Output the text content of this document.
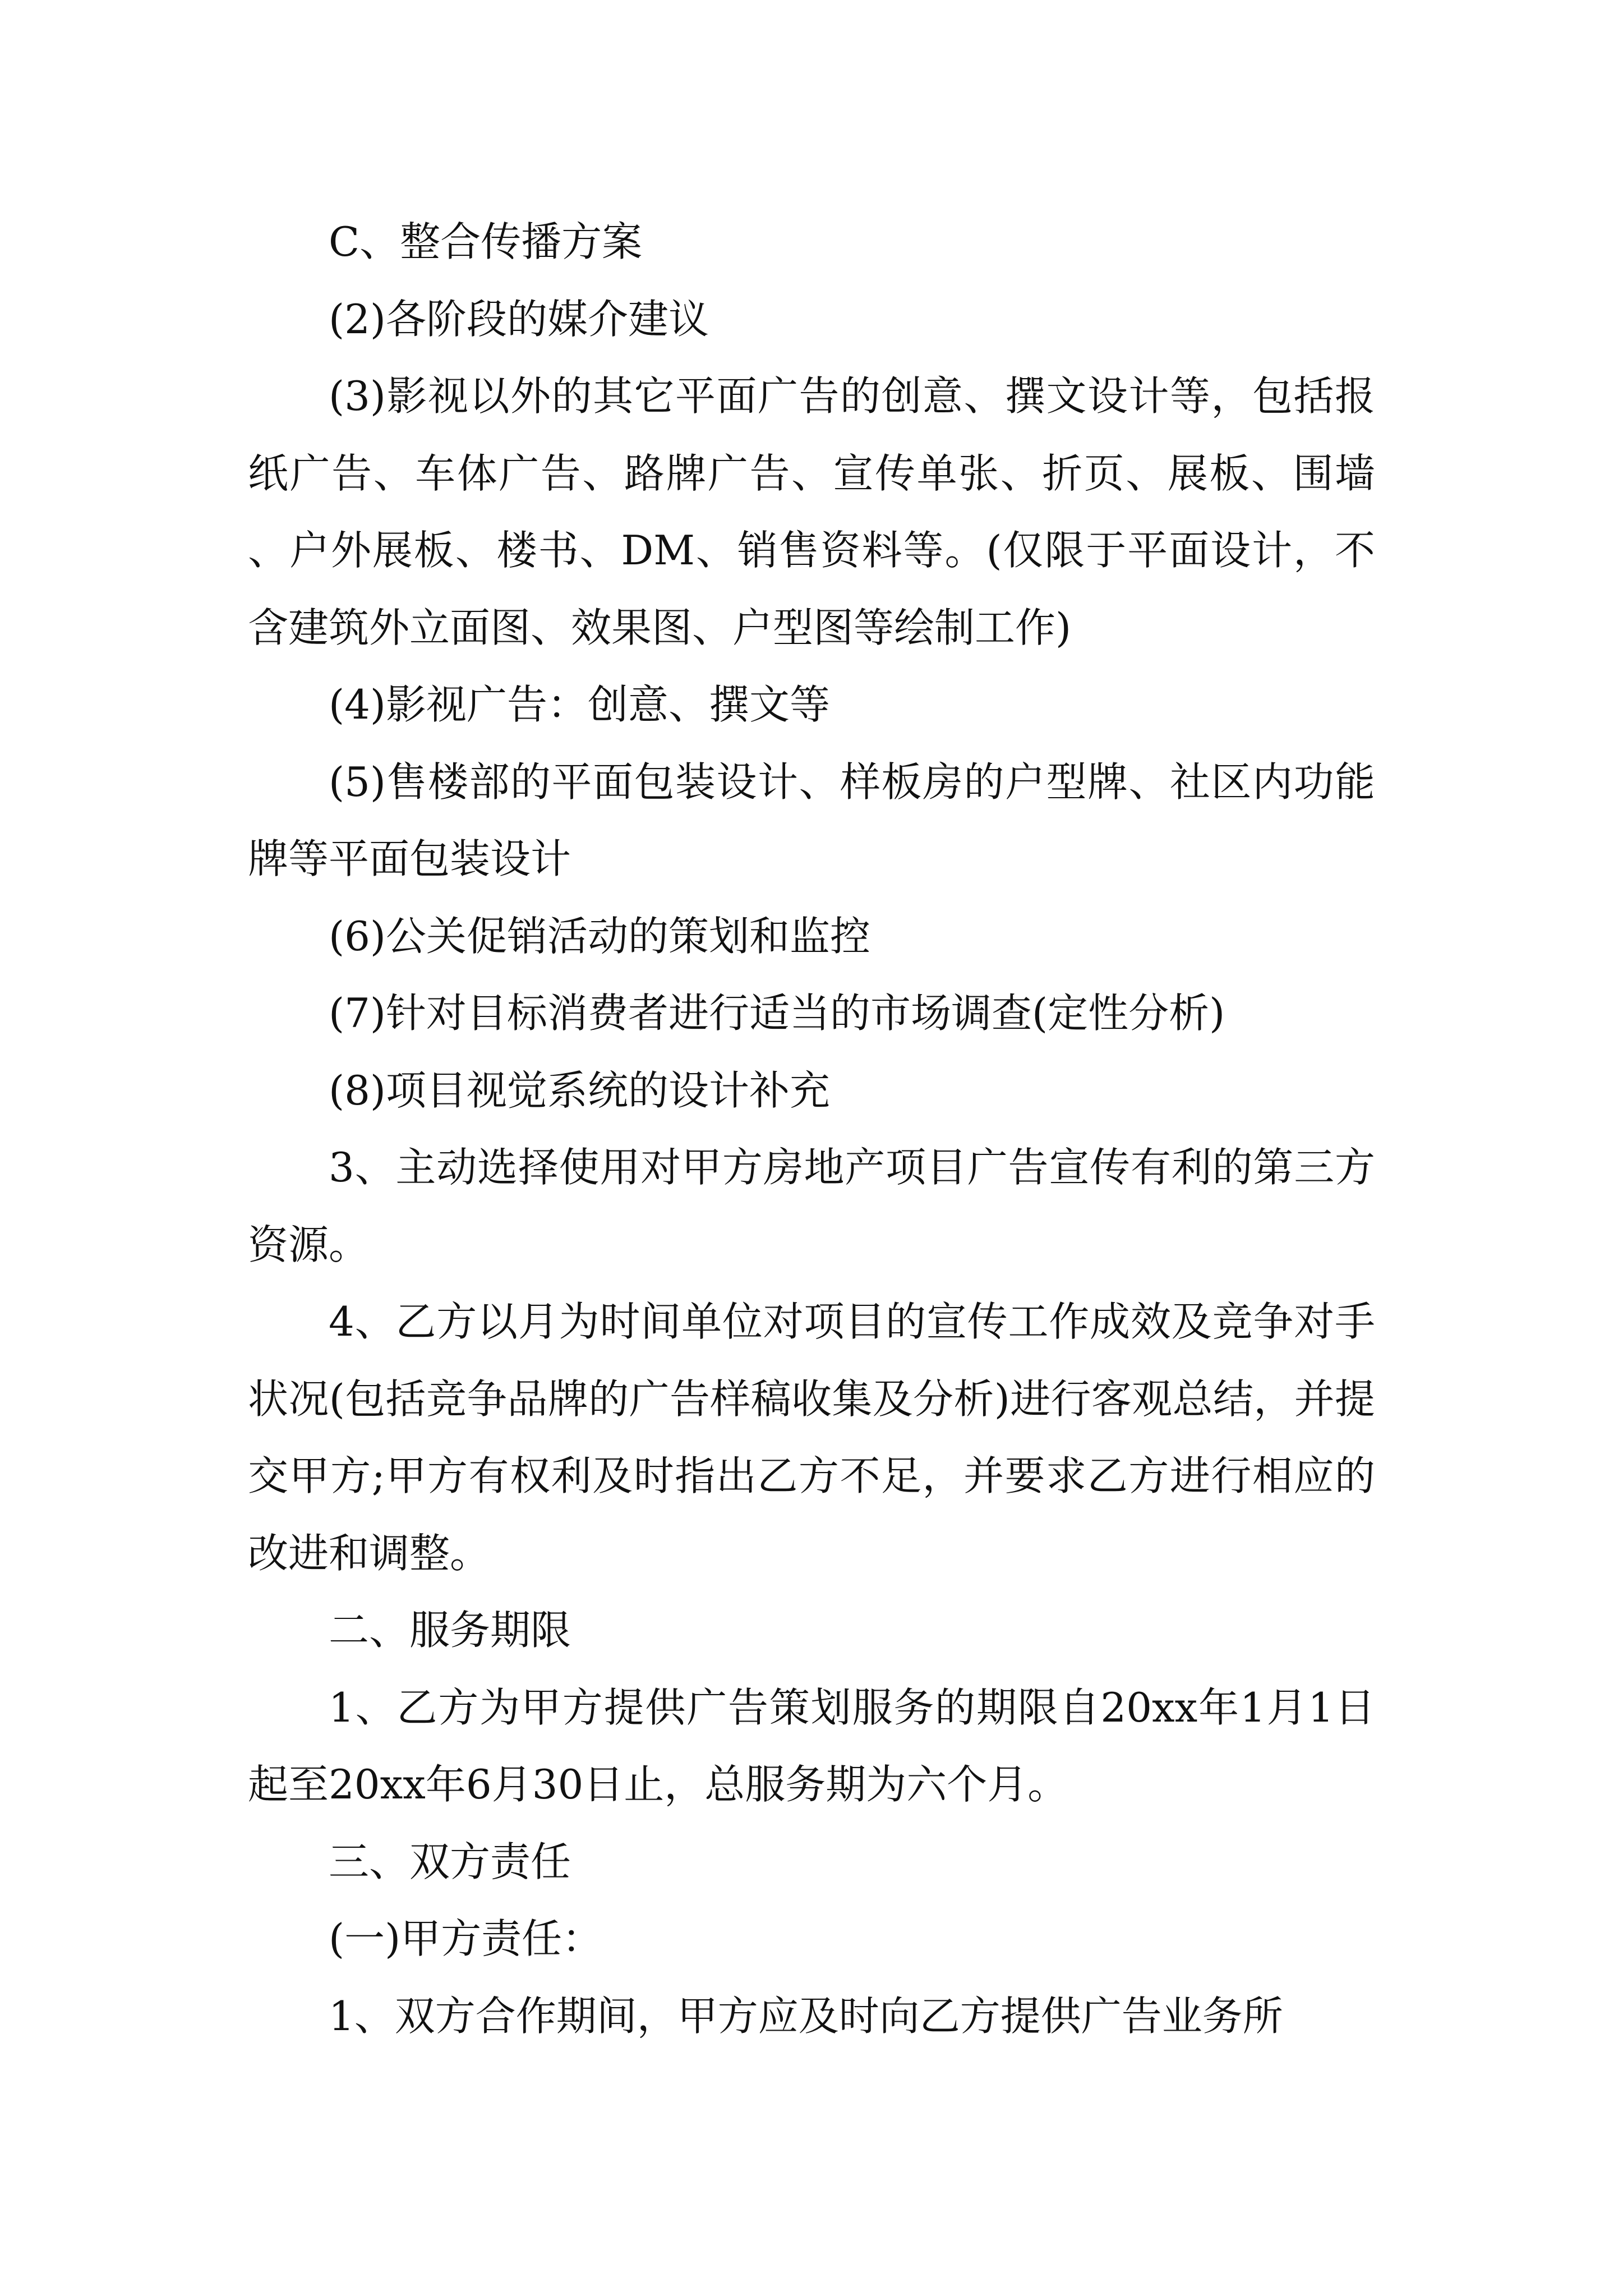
C、整合传播方案

(2)各阶段的媒介建议

(3)影视以外的其它平面广告的创意、撰文设计等，包括报纸广告、车体广告、路牌广告、宣传单张、折页、展板、围墙、户外展板、楼书、DM、销售资料等。(仅限于平面设计，不含建筑外立面图、效果图、户型图等绘制工作)

(4)影视广告：创意、撰文等

(5)售楼部的平面包装设计、样板房的户型牌、社区内功能牌等平面包装设计

(6)公关促销活动的策划和监控

(7)针对目标消费者进行适当的市场调查(定性分析)

(8)项目视觉系统的设计补充

3、主动选择使用对甲方房地产项目广告宣传有利的第三方资源。

4、乙方以月为时间单位对项目的宣传工作成效及竞争对手状况(包括竞争品牌的广告样稿收集及分析)进行客观总结，并提交甲方;甲方有权利及时指出乙方不足，并要求乙方进行相应的改进和调整。

二、服务期限

1、乙方为甲方提供广告策划服务的期限自20xx年1月1日起至20xx年6月30日止，总服务期为六个月。

三、双方责任

(一)甲方责任：

1、双方合作期间，甲方应及时向乙方提供广告业务所
